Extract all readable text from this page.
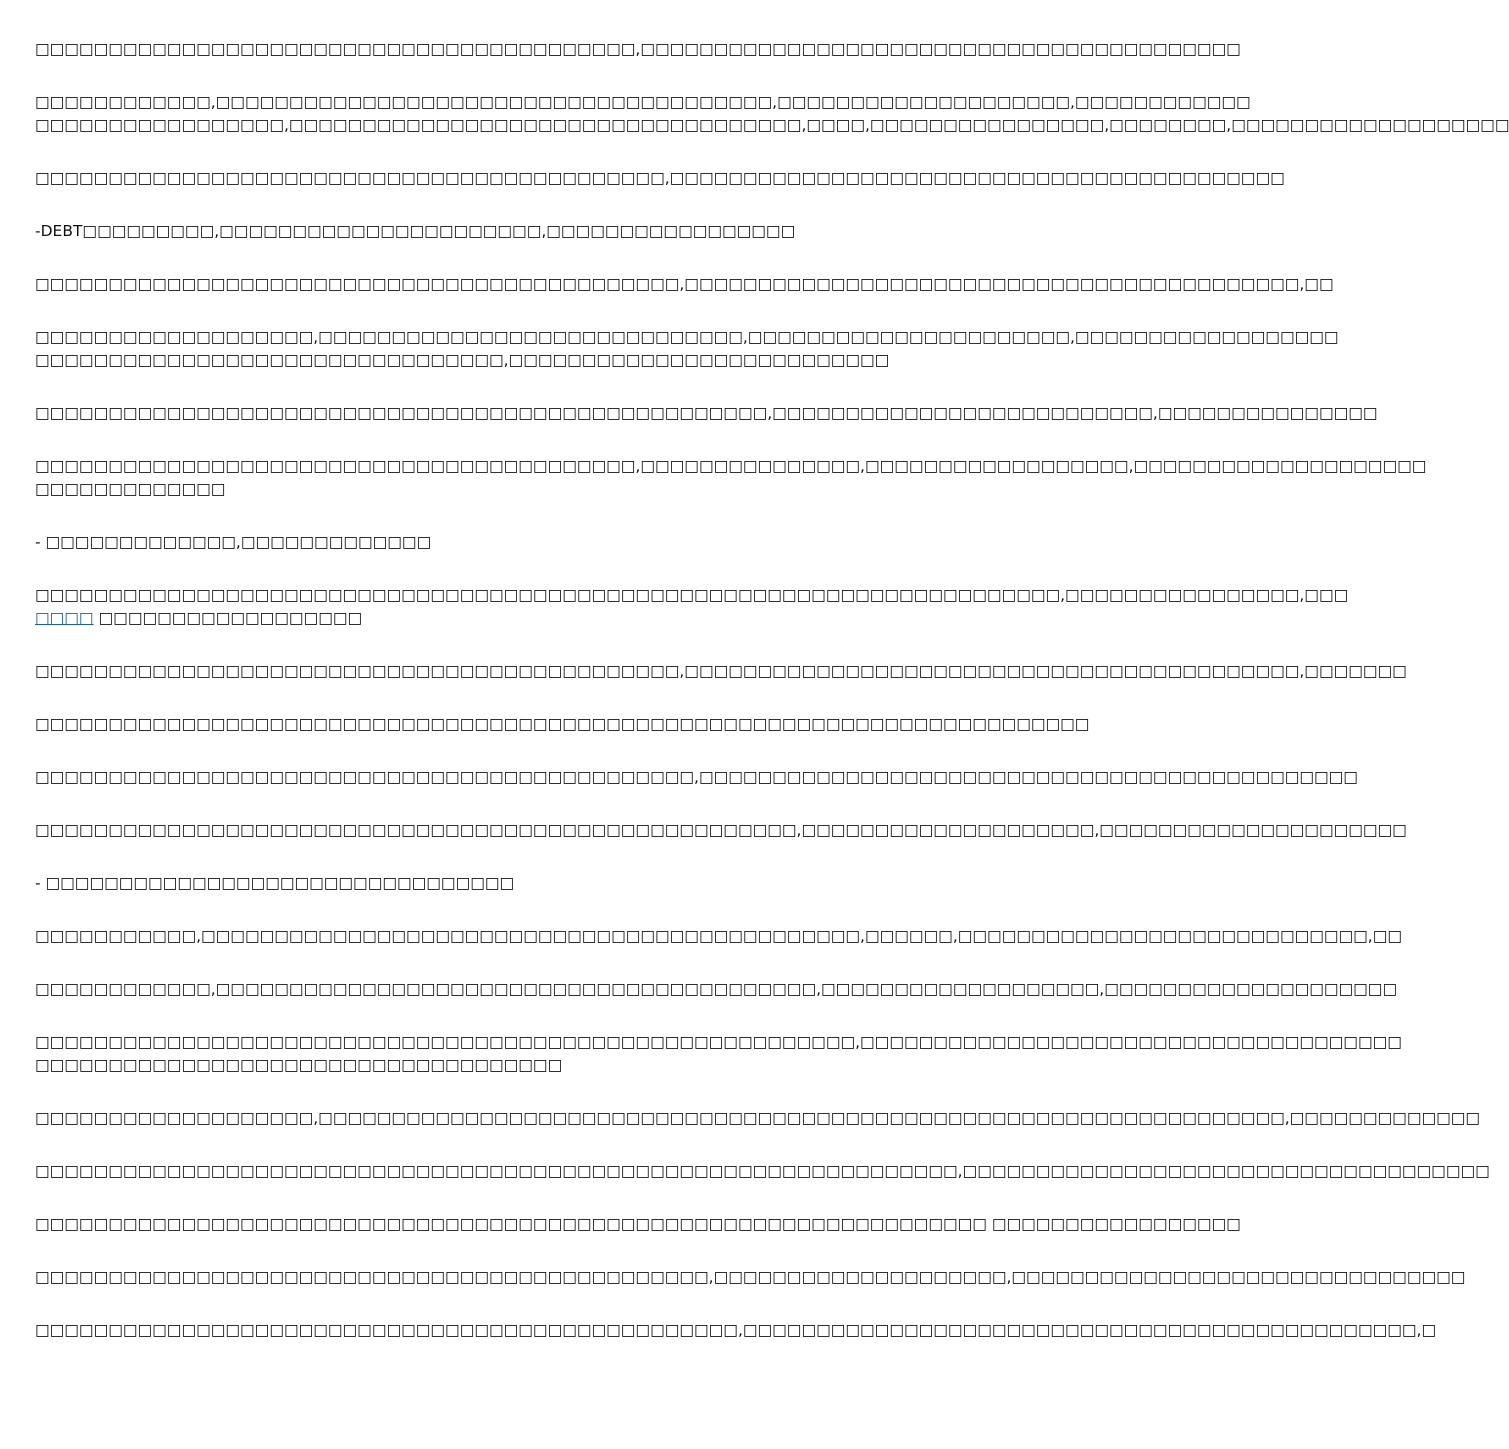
□□□□□□□□□□□□□□□□□□□□□□□□□□□□□□□□□□□□□□□□□,□□□□□□□□□□□□□□□□□□□□□□□□□□□□□□□□□□□□□□□□□

□□□□□□□□□□□□,□□□□□□□□□□□□□□□□□□□□□□□□□□□□□□□□□□□□□□,□□□□□□□□□□□□□□□□□□□□,□□□□□□□□□□□□

□□□□□□□□□□□□□□□□□,□□□□□□□□□□□□□□□□□□□□□□□□□□□□□□□□□□□,□□□□,□□□□□□□□□□□□□□□□,□□□□□□□□,□□□□□□□□□□□□□□□□□□□

□□□□□□□□□□□□□□□□□□□□□□□□□□□□□□□□□□□□□□□□□□□,□□□□□□□□□□□□□□□□□□□□□□□□□□□□□□□□□□□□□□□□□□

-DEBT□□□□□□□□□,□□□□□□□□□□□□□□□□□□□□□□,□□□□□□□□□□□□□□□□□

□□□□□□□□□□□□□□□□□□□□□□□□□□□□□□□□□□□□□□□□□□□□,□□□□□□□□□□□□□□□□□□□□□□□□□□□□□□□□□□□□□□□□□□,□□

□□□□□□□□□□□□□□□□□□□,□□□□□□□□□□□□□□□□□□□□□□□□□□□□□,□□□□□□□□□□□□□□□□□□□□□□,□□□□□□□□□□□□□□□□□□

□□□□□□□□□□□□□□□□□□□□□□□□□□□□□□□□,□□□□□□□□□□□□□□□□□□□□□□□□□□

□□□□□□□□□□□□□□□□□□□□□□□□□□□□□□□□□□□□□□□□□□□□□□□□□□,□□□□□□□□□□□□□□□□□□□□□□□□□□,□□□□□□□□□□□□□□□

□□□□□□□□□□□□□□□□□□□□□□□□□□□□□□□□□□□□□□□□□,□□□□□□□□□□□□□□□,□□□□□□□□□□□□□□□□□□,□□□□□□□□□□□□□□□□□□□□

□□□□□□□□□□□□□

- □□□□□□□□□□□□□,□□□□□□□□□□□□□

□□□□□□□□□□□□□□□□□□□□□□□□□□□□□□□□□□□□□□□□□□□□□□□□□□□□□□□□□□□□□□□□□□□□□□,□□□□□□□□□□□□□□□□,□□□

□□□□ □□□□□□□□□□□□□□□□□□

□□□□□□□□□□□□□□□□□□□□□□□□□□□□□□□□□□□□□□□□□□□□,□□□□□□□□□□□□□□□□□□□□□□□□□□□□□□□□□□□□□□□□□□,□□□□□□□

□□□□□□□□□□□□□□□□□□□□□□□□□□□□□□□□□□□□□□□□□□□□□□□□□□□□□□□□□□□□□□□□□□□□□□□□

□□□□□□□□□□□□□□□□□□□□□□□□□□□□□□□□□□□□□□□□□□□□□,□□□□□□□□□□□□□□□□□□□□□□□□□□□□□□□□□□□□□□□□□□□□□

□□□□□□□□□□□□□□□□□□□□□□□□□□□□□□□□□□□□□□□□□□□□□□□□□□□□,□□□□□□□□□□□□□□□□□□□□,□□□□□□□□□□□□□□□□□□□□□

- □□□□□□□□□□□□□□□□□□□□□□□□□□□□□□□□

□□□□□□□□□□□,□□□□□□□□□□□□□□□□□□□□□□□□□□□□□□□□□□□□□□□□□□□□□,□□□□□□,□□□□□□□□□□□□□□□□□□□□□□□□□□□□,□□

□□□□□□□□□□□□,□□□□□□□□□□□□□□□□□□□□□□□□□□□□□□□□□□□□□□□□□,□□□□□□□□□□□□□□□□□□□,□□□□□□□□□□□□□□□□□□□□

□□□□□□□□□□□□□□□□□□□□□□□□□□□□□□□□□□□□□□□□□□□□□□□□□□□□□□□□,□□□□□□□□□□□□□□□□□□□□□□□□□□□□□□□□□□□□□

□□□□□□□□□□□□□□□□□□□□□□□□□□□□□□□□□□□□

□□□□□□□□□□□□□□□□□□□,□□□□□□□□□□□□□□□□□□□□□□□□□□□□□□□□□□□□□□□□□□□□□□□□□□□□□□□□□□□□□□□□□□,□□□□□□□□□□□□□

□□□□□□□□□□□□□□□□□□□□□□□□□□□□□□□□□□□□□□□□□□□□□□□□□□□□□□□□□□□□□□□,□□□□□□□□□□□□□□□□□□□□□□□□□□□□□□□□□□□□

□□□□□□□□□□□□□□□□□□□□□□□□□□□□□□□□□□□□□□□□□□□□□□□□□□□□□□□□□□□□□□□□□ □□□□□□□□□□□□□□□□□

□□□□□□□□□□□□□□□□□□□□□□□□□□□□□□□□□□□□□□□□□□□□□□,□□□□□□□□□□□□□□□□□□□□,□□□□□□□□□□□□□□□□□□□□□□□□□□□□□□□

□□□□□□□□□□□□□□□□□□□□□□□□□□□□□□□□□□□□□□□□□□□□□□□□,□□□□□□□□□□□□□□□□□□□□□□□□□□□□□□□□□□□□□□□□□□□□□□,□
